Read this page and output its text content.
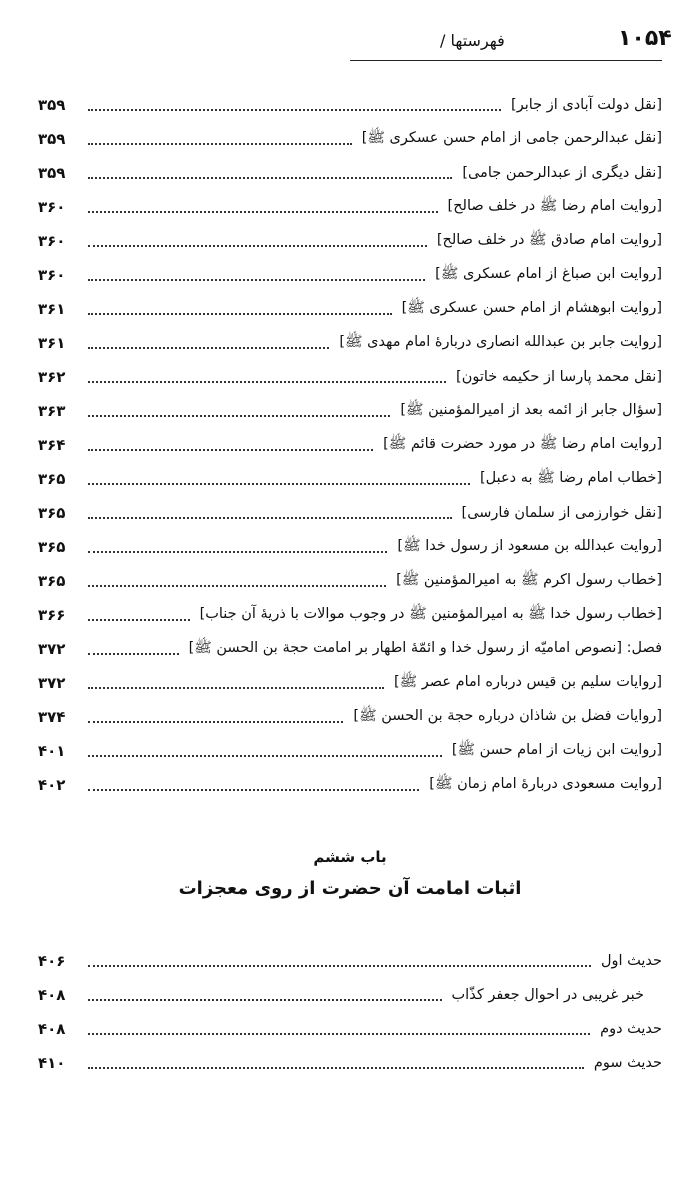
۱۰۵۴
فهرستها /
[نقل دولت آبادی از جابر]
۳۵۹
[نقل عبدالرحمن جامی از امام حسن عسکری ﷺ]
۳۵۹
[نقل دیگری از عبدالرحمن جامی]
۳۵۹
[روایت امام رضا ﷺ در خلف صالح]
۳۶۰
[روایت امام صادق ﷺ در خلف صالح]
۳۶۰
[روایت ابن صباغ از امام عسکری ﷺ]
۳۶۰
[روایت ابوهشام از امام حسن عسکری ﷺ]
۳۶۱
[روایت جابر بن عبدالله انصاری دربارهٔ امام مهدی ﷺ]
۳۶۱
[نقل محمد پارسا از حکیمه خاتون]
۳۶۲
[سؤال جابر از ائمه بعد از امیرالمؤمنین ﷺ]
۳۶۳
[روایت امام رضا ﷺ در مورد حضرت قائم ﷺ]
۳۶۴
[خطاب امام رضا ﷺ به دعبل]
۳۶۵
[نقل خوارزمی از سلمان فارسی]
۳۶۵
[روایت عبدالله بن مسعود از رسول خدا ﷺ]
۳۶۵
[خطاب رسول اکرم ﷺ به امیرالمؤمنین ﷺ]
۳۶۵
[خطاب رسول خدا ﷺ به امیرالمؤمنین ﷺ در وجوب موالات با ذریهٔ آن جناب]
۳۶۶
فصل: [نصوص امامیّه از رسول خدا و ائمّهٔ اطهار بر امامت حجة بن الحسن ﷺ]
۳۷۲
[روایات سلیم بن قیس درباره امام عصر ﷺ]
۳۷۲
[روایات فضل بن شاذان درباره حجة بن الحسن ﷺ]
۳۷۴
[روایت ابن زیات از امام حسن ﷺ]
۴۰۱
[روایت مسعودی دربارهٔ امام زمان ﷺ]
۴۰۲
باب ششم
اثبات امامت آن حضرت از روی معجزات
حدیث اول
۴۰۶
خبر غریبی در احوال جعفر کذّاب
۴۰۸
حدیث دوم
۴۰۸
حدیث سوم
۴۱۰
